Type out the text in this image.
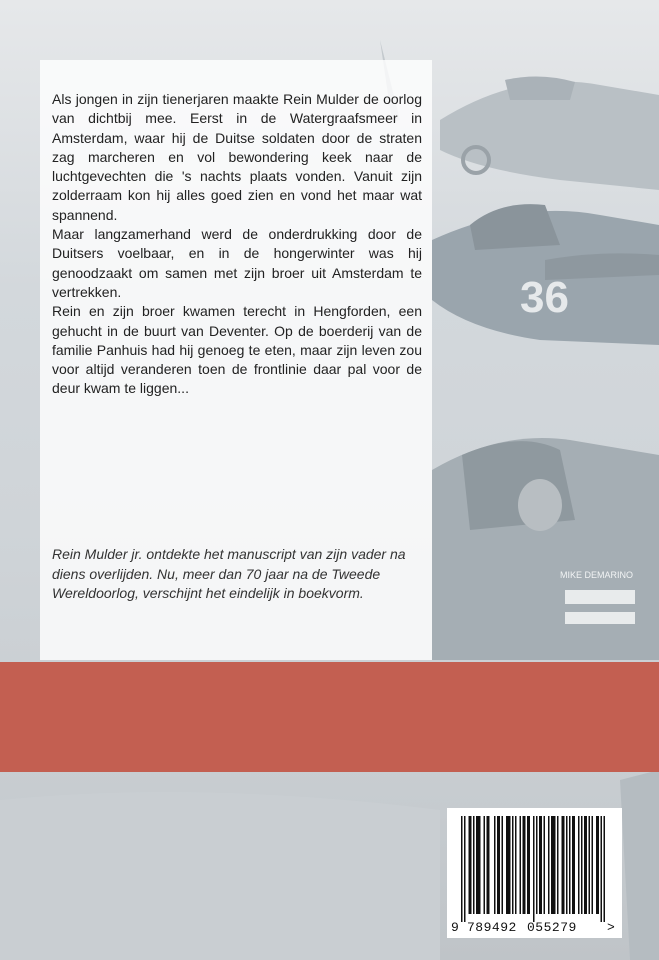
36
MIKE DEMARINO

Als jongen in zijn tienerjaren maakte Rein Mulder de oorlog van dichtbij mee. Eerst in de Watergraafsmeer in Amsterdam, waar hij de Duitse soldaten door de straten zag marcheren en vol bewondering keek naar de luchtgevechten die 's nachts plaats vonden. Vanuit zijn zolderraam kon hij alles goed zien en vond het maar wat spannend.

Maar langzamerhand werd de onderdrukking door de Duitsers voelbaar, en in de hongerwinter was hij genoodzaakt om samen met zijn broer uit Amsterdam te vertrekken.

Rein en zijn broer kwamen terecht in Hengforden, een gehucht in de buurt van Deventer. Op de boerderij van de familie Panhuis had hij genoeg te eten, maar zijn leven zou voor altijd veranderen toen de frontlinie daar pal voor de deur kwam te liggen...

Rein Mulder jr. ontdekte het manuscript van zijn vader na diens overlijden. Nu, meer dan 70 jaar na de Tweede Wereldoorlog, verschijnt het eindelijk in boekvorm.

9 789492 055279 >
